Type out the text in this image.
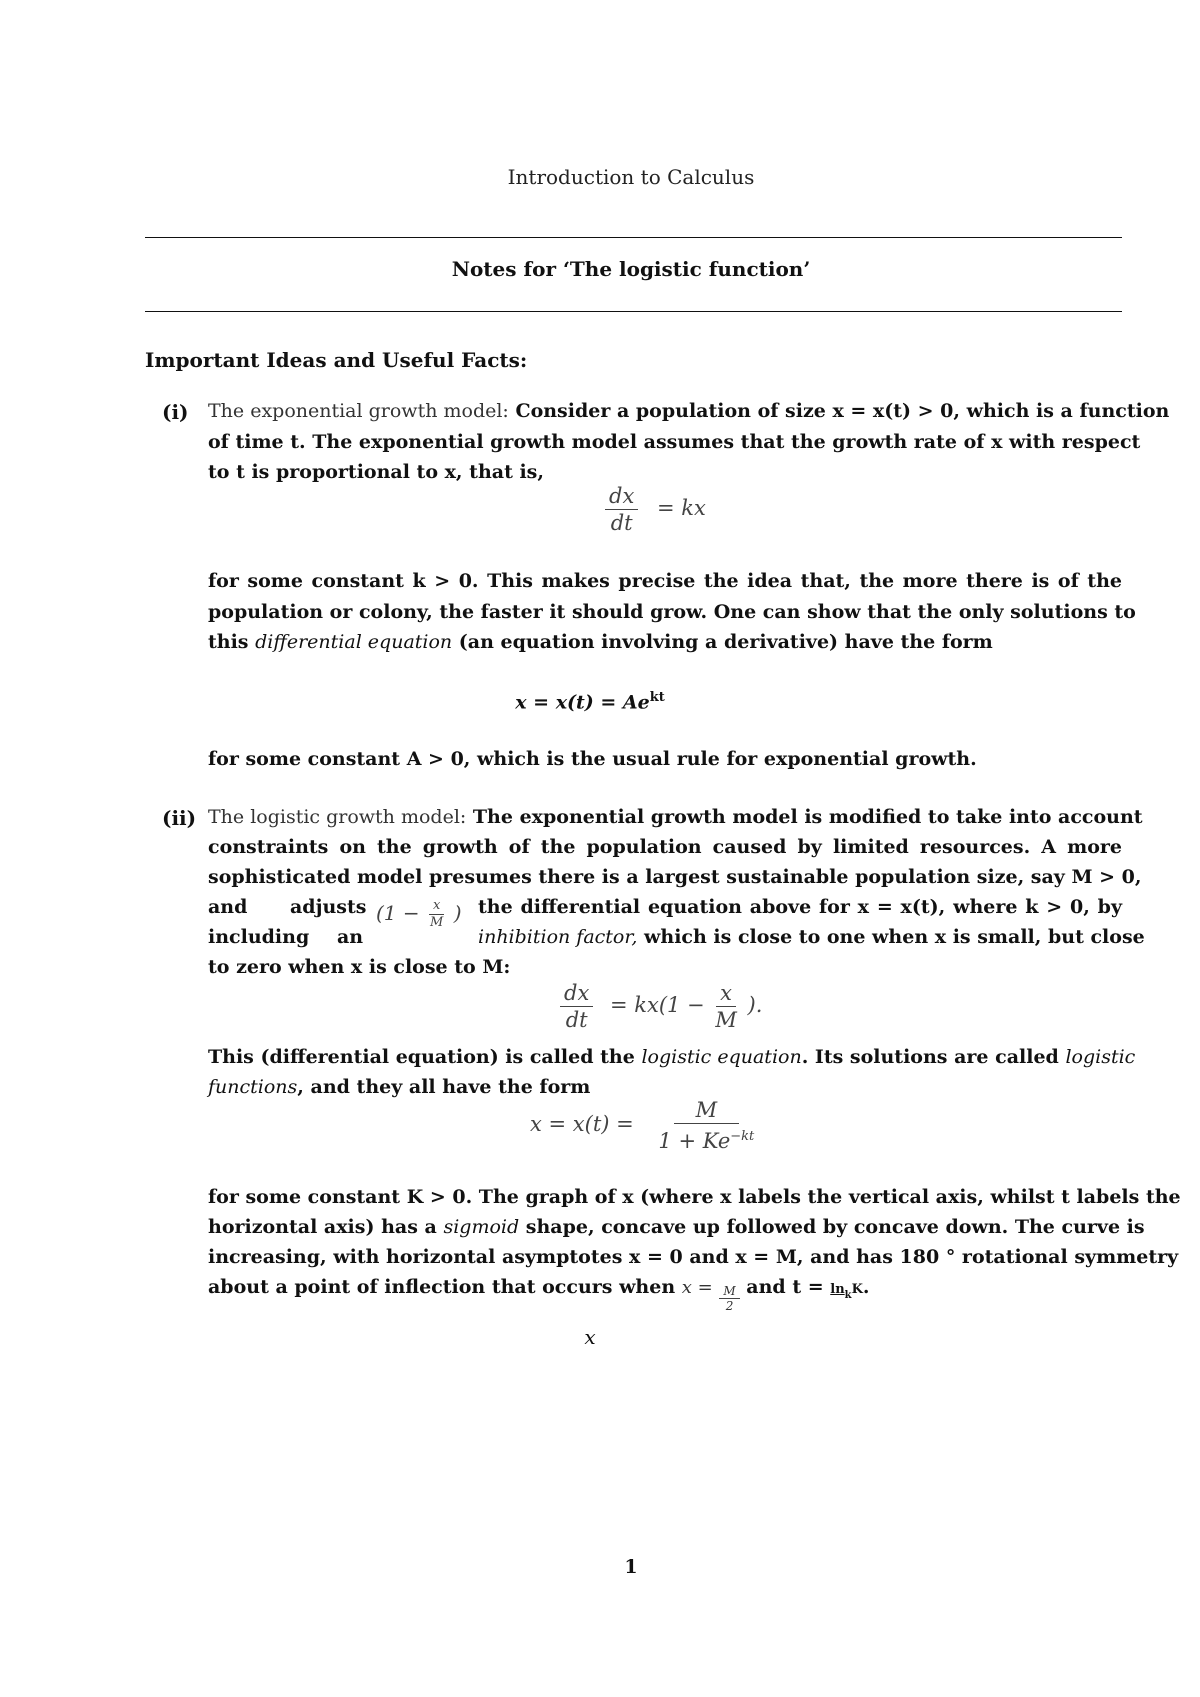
Introduction to Calculus
Notes for ‘The logistic function’
Important Ideas and Useful Facts:
(i) The exponential growth model: Consider a population of size x = x(t) > 0, which is a function
of time t. The exponential growth model assumes that the growth rate of x with respect
to t is proportional to x, that is,
$\frac{dx}{dt}$ = kx
for some constant k > 0. This makes precise the idea that, the more there is of the
population or colony, the faster it should grow. One can show that the only solutions to
this differential equation (an equation involving a derivative) have the form
$x = x(t) = Ae^{kt}$
for some constant A > 0, which is the usual rule for exponential growth.
(ii) The logistic growth model: The exponential growth model is modified to take into account
constraints on the growth of the population caused by limited resources. A more
sophisticated model presumes there is a largest sustainable population size, say M > 0,
and adjusts
including an
($1 - \frac{x}{M}$ ) the differential equation above for x = x(t), where k > 0, by
inhibition factor, which is close to one when x is small, but close
to zero when x is close to M:
$\frac{dx}{dt} = kx(1 - \frac{x}{M}$ ).
This (differential equation) is called the logistic equation. Its solutions are called logistic
functions, and they all have the form
$x = x(t) = \frac{M}{1 + Ke^{-kt}}$
for some constant K > 0. The graph of x (where x labels the vertical axis, whilst t labels the
horizontal axis) has a sigmoid shape, concave up followed by concave down. The curve is
increasing, with horizontal asymptotes x = 0 and x = M, and has 180 ° rotational symmetry
about a point of inflection that occurs when $x = \frac{M}{2}$ and $t = \ln_kK$.
x
1
